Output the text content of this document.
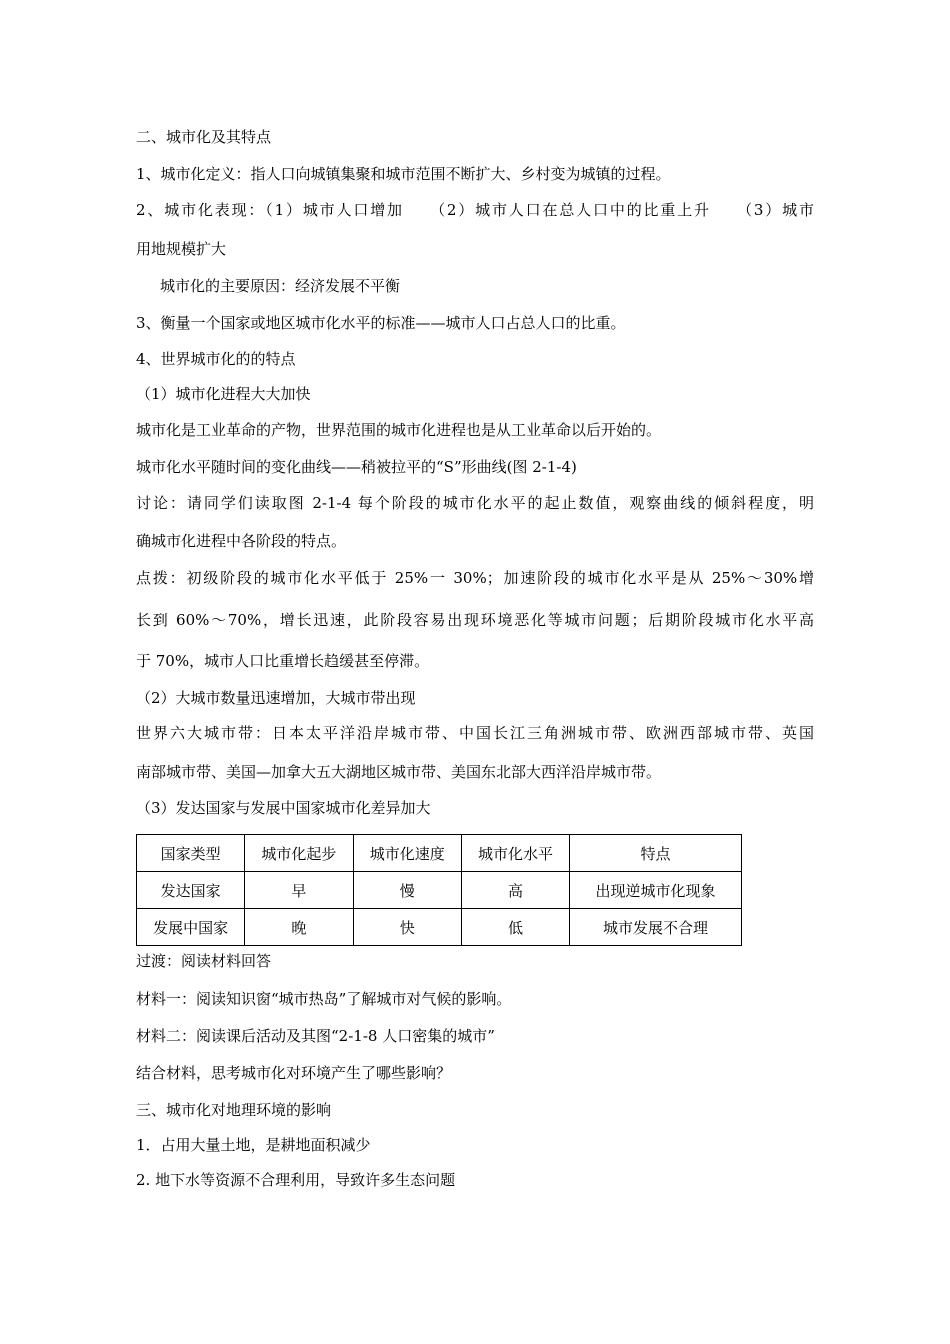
二、城市化及其特点
1、城市化定义：指人口向城镇集聚和城市范围不断扩大、乡村变为城镇的过程。
2、城市化表现：（1）城市人口增加　　（2）城市人口在总人口中的比重上升　　（3）城市
用地规模扩大
城市化的主要原因：经济发展不平衡
3、衡量一个国家或地区城市化水平的标准——城市人口占总人口的比重。
4、世界城市化的的特点
（1）城市化进程大大加快
城市化是工业革命的产物，世界范围的城市化进程也是从工业革命以后开始的。
城市化水平随时间的变化曲线——稍被拉平的“S”形曲线(图 2-1-4)
讨论：请同学们读取图 2-1-4 每个阶段的城市化水平的起止数值，观察曲线的倾斜程度，明
确城市化进程中各阶段的特点。
点拨：初级阶段的城市化水平低于 25%一 30%；加速阶段的城市化水平是从 25%～30%增
长到 60%～70%，增长迅速，此阶段容易出现环境恶化等城市问题；后期阶段城市化水平高
于 70%，城市人口比重增长趋缓甚至停滞。
（2）大城市数量迅速增加，大城市带出现
世界六大城市带：日本太平洋沿岸城市带、中国长江三角洲城市带、欧洲西部城市带、英国
南部城市带、美国—加拿大五大湖地区城市带、美国东北部大西洋沿岸城市带。
（3）发达国家与发展中国家城市化差异加大
国家类型	城市化起步	城市化速度	城市化水平	特点
发达国家	早	慢	高	出现逆城市化现象
发展中国家	晚	快	低	城市发展不合理
过渡：阅读材料回答
材料一：阅读知识窗“城市热岛”了解城市对气候的影响。
材料二：阅读课后活动及其图“2-1-8 人口密集的城市”
结合材料，思考城市化对环境产生了哪些影响？
三、城市化对地理环境的影响
1．占用大量土地，是耕地面积减少
2. 地下水等资源不合理利用，导致许多生态问题
